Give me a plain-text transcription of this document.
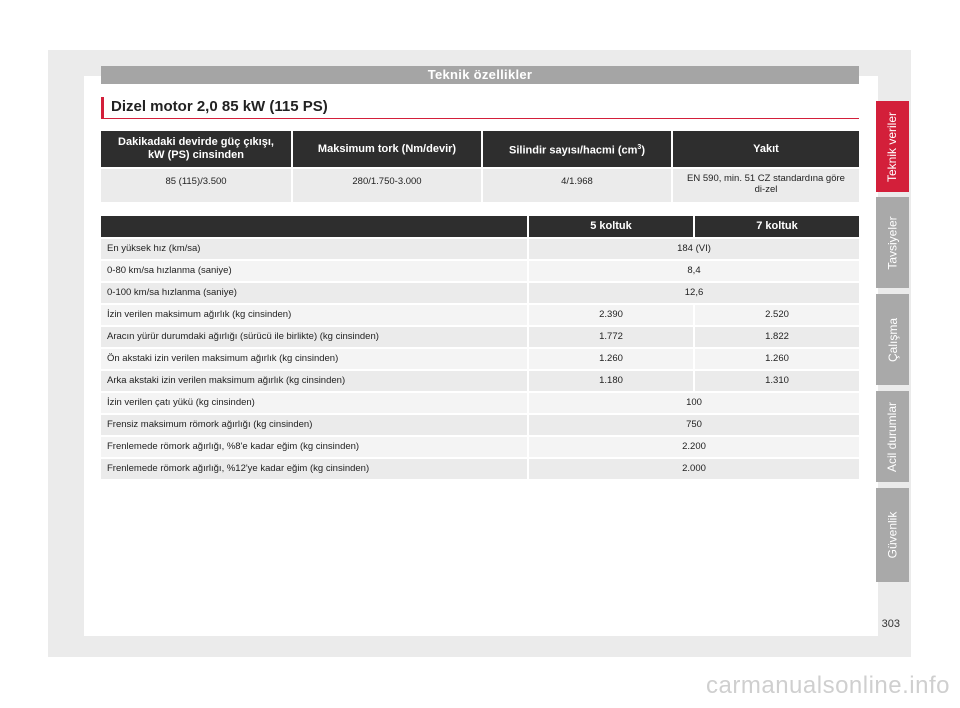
Teknik özellikler
Dizel motor 2,0 85 kW (115 PS)
Dakikadaki devirde güç çıkışı,
kW (PS) cinsinden	Maksimum tork (Nm/devir)	Silindir sayısı/hacmi $(cm^3)$	Yakıt
85 (115)/3.500	280/1.750-3.000	4/1.968	EN 590, min. 51 CZ standardına göre di-zel
	5 koltuk	7 koltuk
En yüksek hız (km/sa)	184 (VI)	
0-80 km/sa hızlanma (saniye)	8,4	
0-100 km/sa hızlanma (saniye)	12,6	
İzin verilen maksimum ağırlık (kg cinsinden)	2.390	2.520
Aracın yürür durumdaki ağırlığı (sürücü ile birlikte) (kg cinsinden)	1.772	1.822
Ön akstaki izin verilen maksimum ağırlık (kg cinsinden)	1.260	1.260
Arka akstaki izin verilen maksimum ağırlık (kg cinsinden)	1.180	1.310
İzin verilen çatı yükü (kg cinsinden)	100	
Frensiz maksimum römork ağırlığı (kg cinsinden)	750	
Frenlemede römork ağırlığı, %8'e kadar eğim (kg cinsinden)	2.200	
Frenlemede römork ağırlığı, %12'ye kadar eğim (kg cinsinden)	2.000	
Teknik veriler
Tavsiyeler
Çalışma
Acil durumlar
Güvenlik
303
carmanualsonline.info
